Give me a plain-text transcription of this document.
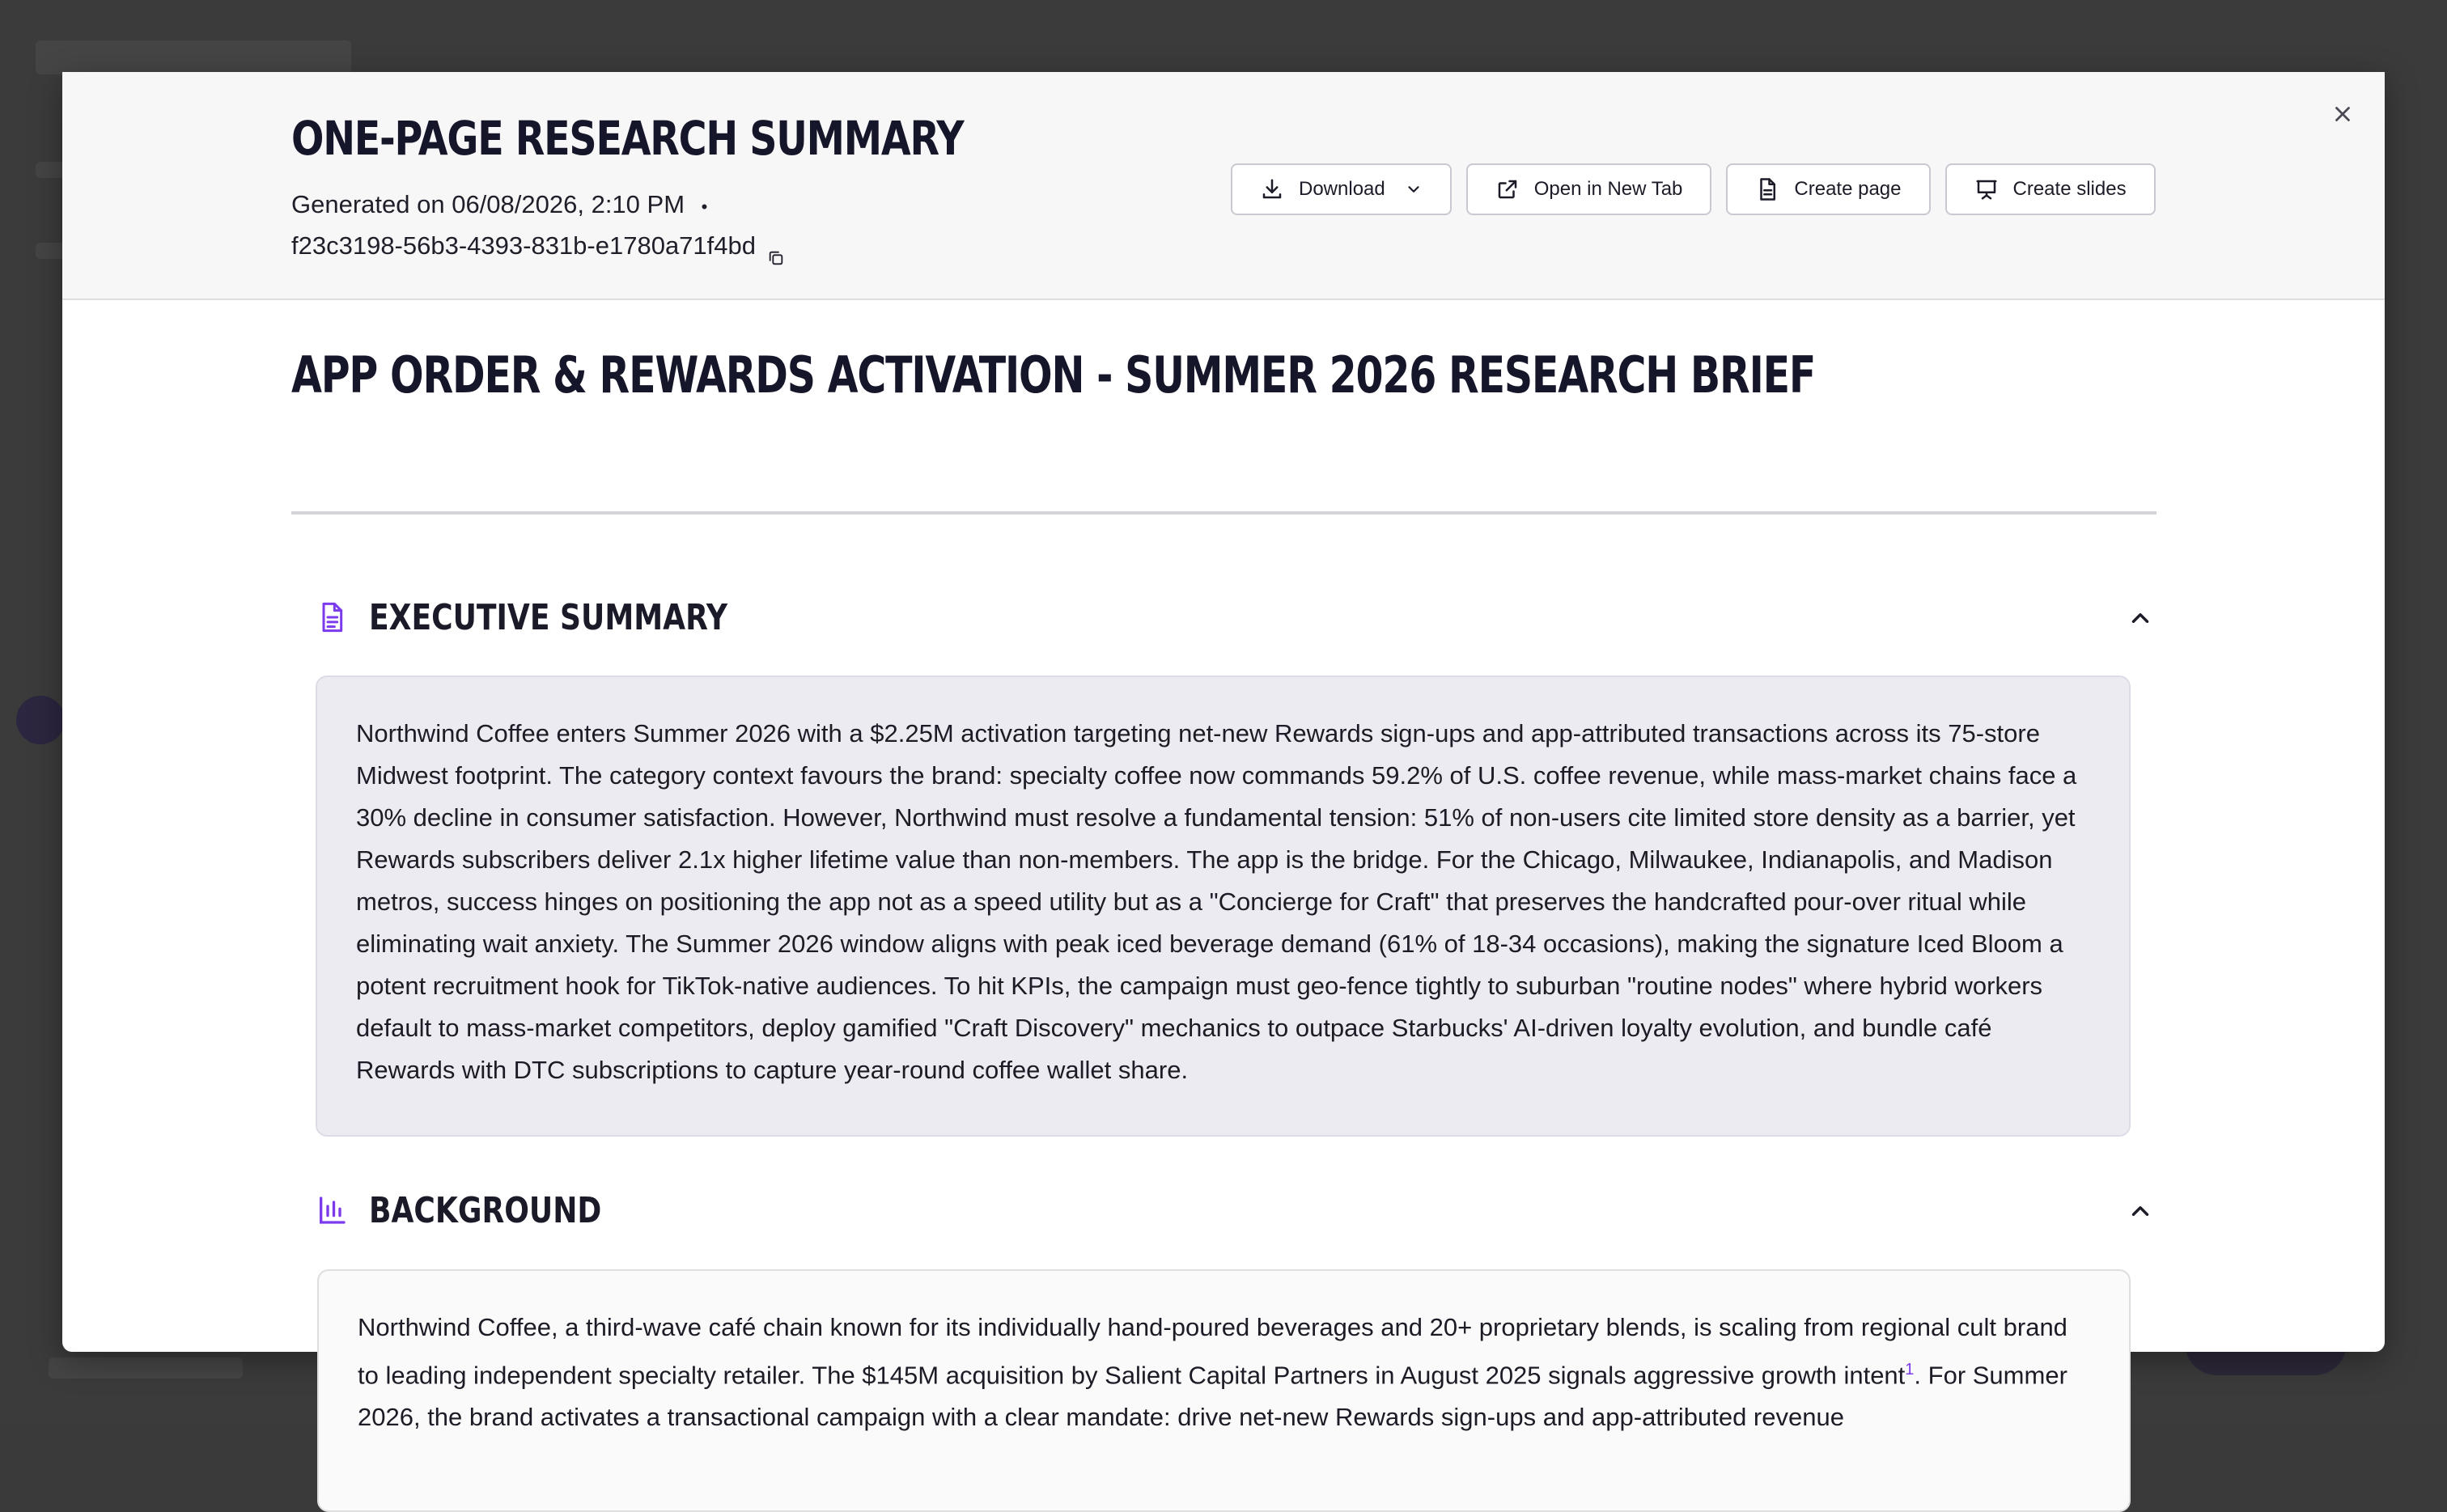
ONE-PAGE RESEARCH SUMMARY
Generated on 06/08/2026, 2:10 PM •
f23c3198-56b3-4393-831b-e1780a71f4bd
Download	Open in New Tab	Create page	Create slides
APP ORDER & REWARDS ACTIVATION - SUMMER 2026 RESEARCH BRIEF
EXECUTIVE SUMMARY

Northwind Coffee enters Summer 2026 with a $2.25M activation targeting net-new Rewards sign-ups and app-attributed transactions across its 75-store Midwest footprint. The category context favours the brand: specialty coffee now commands 59.2% of U.S. coffee revenue, while mass-market chains face a 30% decline in consumer satisfaction. However, Northwind must resolve a fundamental tension: 51% of non-users cite limited store density as a barrier, yet Rewards subscribers deliver 2.1x higher lifetime value than non-members. The app is the bridge. For the Chicago, Milwaukee, Indianapolis, and Madison metros, success hinges on positioning the app not as a speed utility but as a "Concierge for Craft" that preserves the handcrafted pour-over ritual while eliminating wait anxiety. The Summer 2026 window aligns with peak iced beverage demand (61% of 18-34 occasions), making the signature Iced Bloom a potent recruitment hook for TikTok-native audiences. To hit KPIs, the campaign must geo-fence tightly to suburban "routine nodes" where hybrid workers default to mass-market competitors, deploy gamified "Craft Discovery" mechanics to outpace Starbucks' AI-driven loyalty evolution, and bundle café Rewards with DTC subscriptions to capture year-round coffee wallet share.

BACKGROUND

Northwind Coffee, a third-wave café chain known for its individually hand-poured beverages and 20+ proprietary blends, is scaling from regional cult brand to leading independent specialty retailer. The $145M acquisition by Salient Capital Partners in August 2025 signals aggressive growth intent$^1$. For Summer 2026, the brand activates a transactional campaign with a clear mandate: drive net-new Rewards sign-ups and app-attributed revenue
